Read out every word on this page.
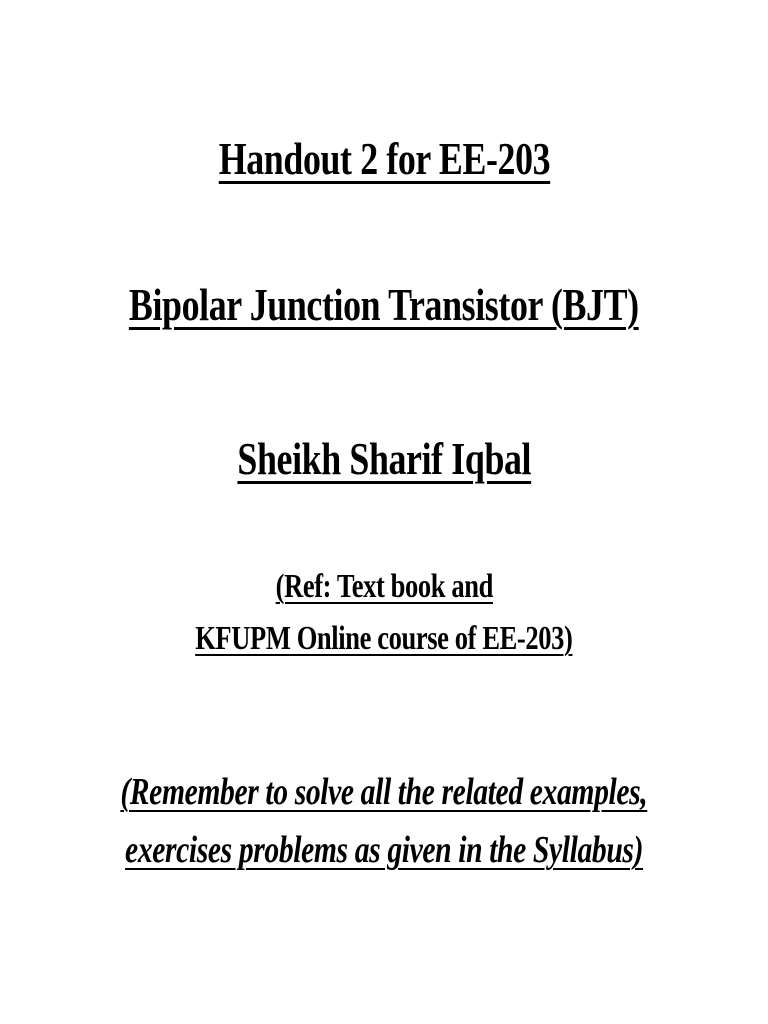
Handout 2 for EE-203
Bipolar Junction Transistor (BJT)
Sheikh Sharif Iqbal
(Ref: Text book and
KFUPM Online course of EE-203)
(Remember to solve all the related examples,
exercises problems as given in the Syllabus)
